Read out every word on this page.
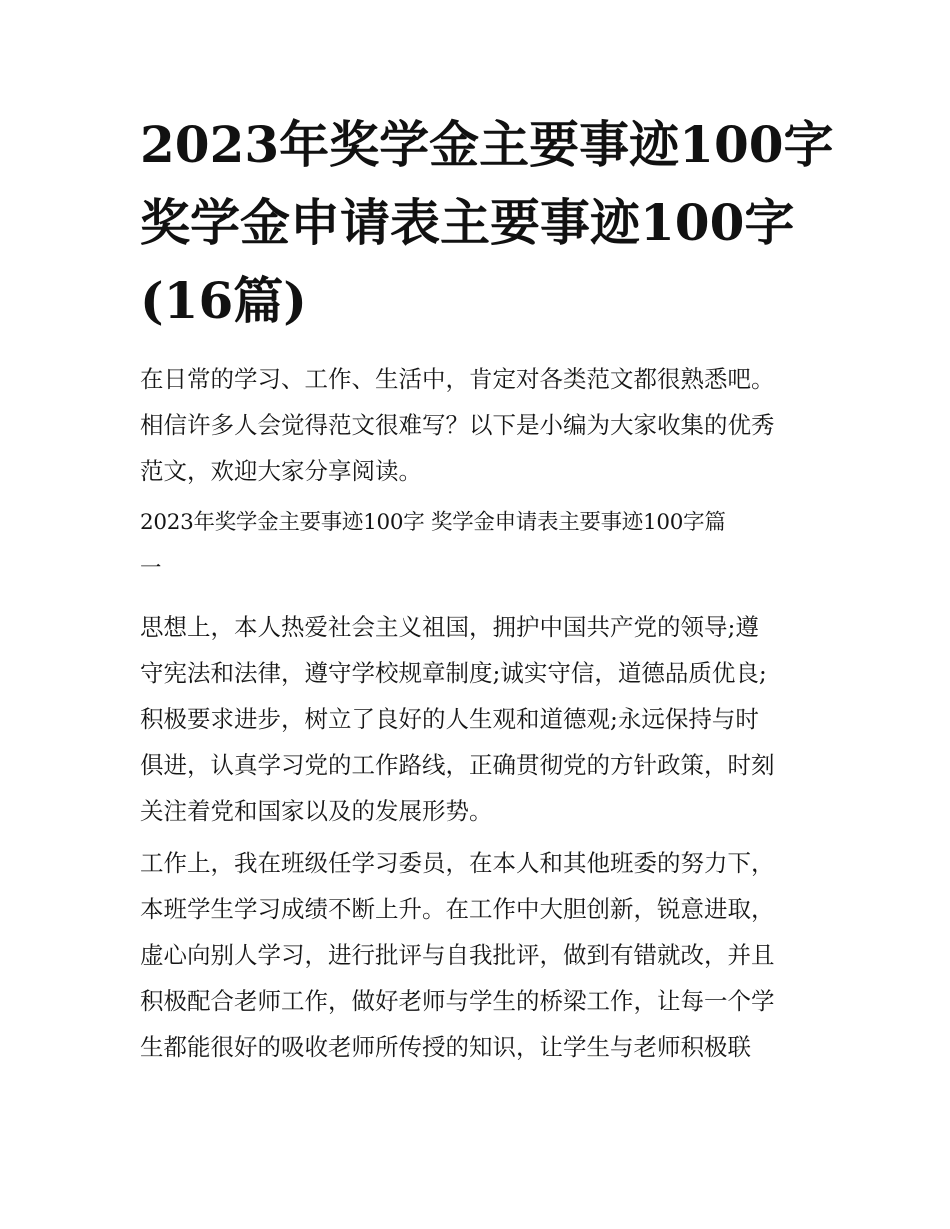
2023年奖学金主要事迹100字
奖学金申请表主要事迹100字
(16篇)
在日常的学习、工作、生活中，肯定对各类范文都很熟悉吧。
相信许多人会觉得范文很难写？以下是小编为大家收集的优秀
范文，欢迎大家分享阅读。
2023年奖学金主要事迹100字 奖学金申请表主要事迹100字篇
一
思想上，本人热爱社会主义祖国，拥护中国共产党的领导;遵
守宪法和法律，遵守学校规章制度;诚实守信，道德品质优良;
积极要求进步，树立了良好的人生观和道德观;永远保持与时
俱进，认真学习党的工作路线，正确贯彻党的方针政策，时刻
关注着党和国家以及的发展形势。
工作上，我在班级任学习委员，在本人和其他班委的努力下，
本班学生学习成绩不断上升。在工作中大胆创新，锐意进取，
虚心向别人学习，进行批评与自我批评，做到有错就改，并且
积极配合老师工作，做好老师与学生的桥梁工作，让每一个学
生都能很好的吸收老师所传授的知识，让学生与老师积极联
